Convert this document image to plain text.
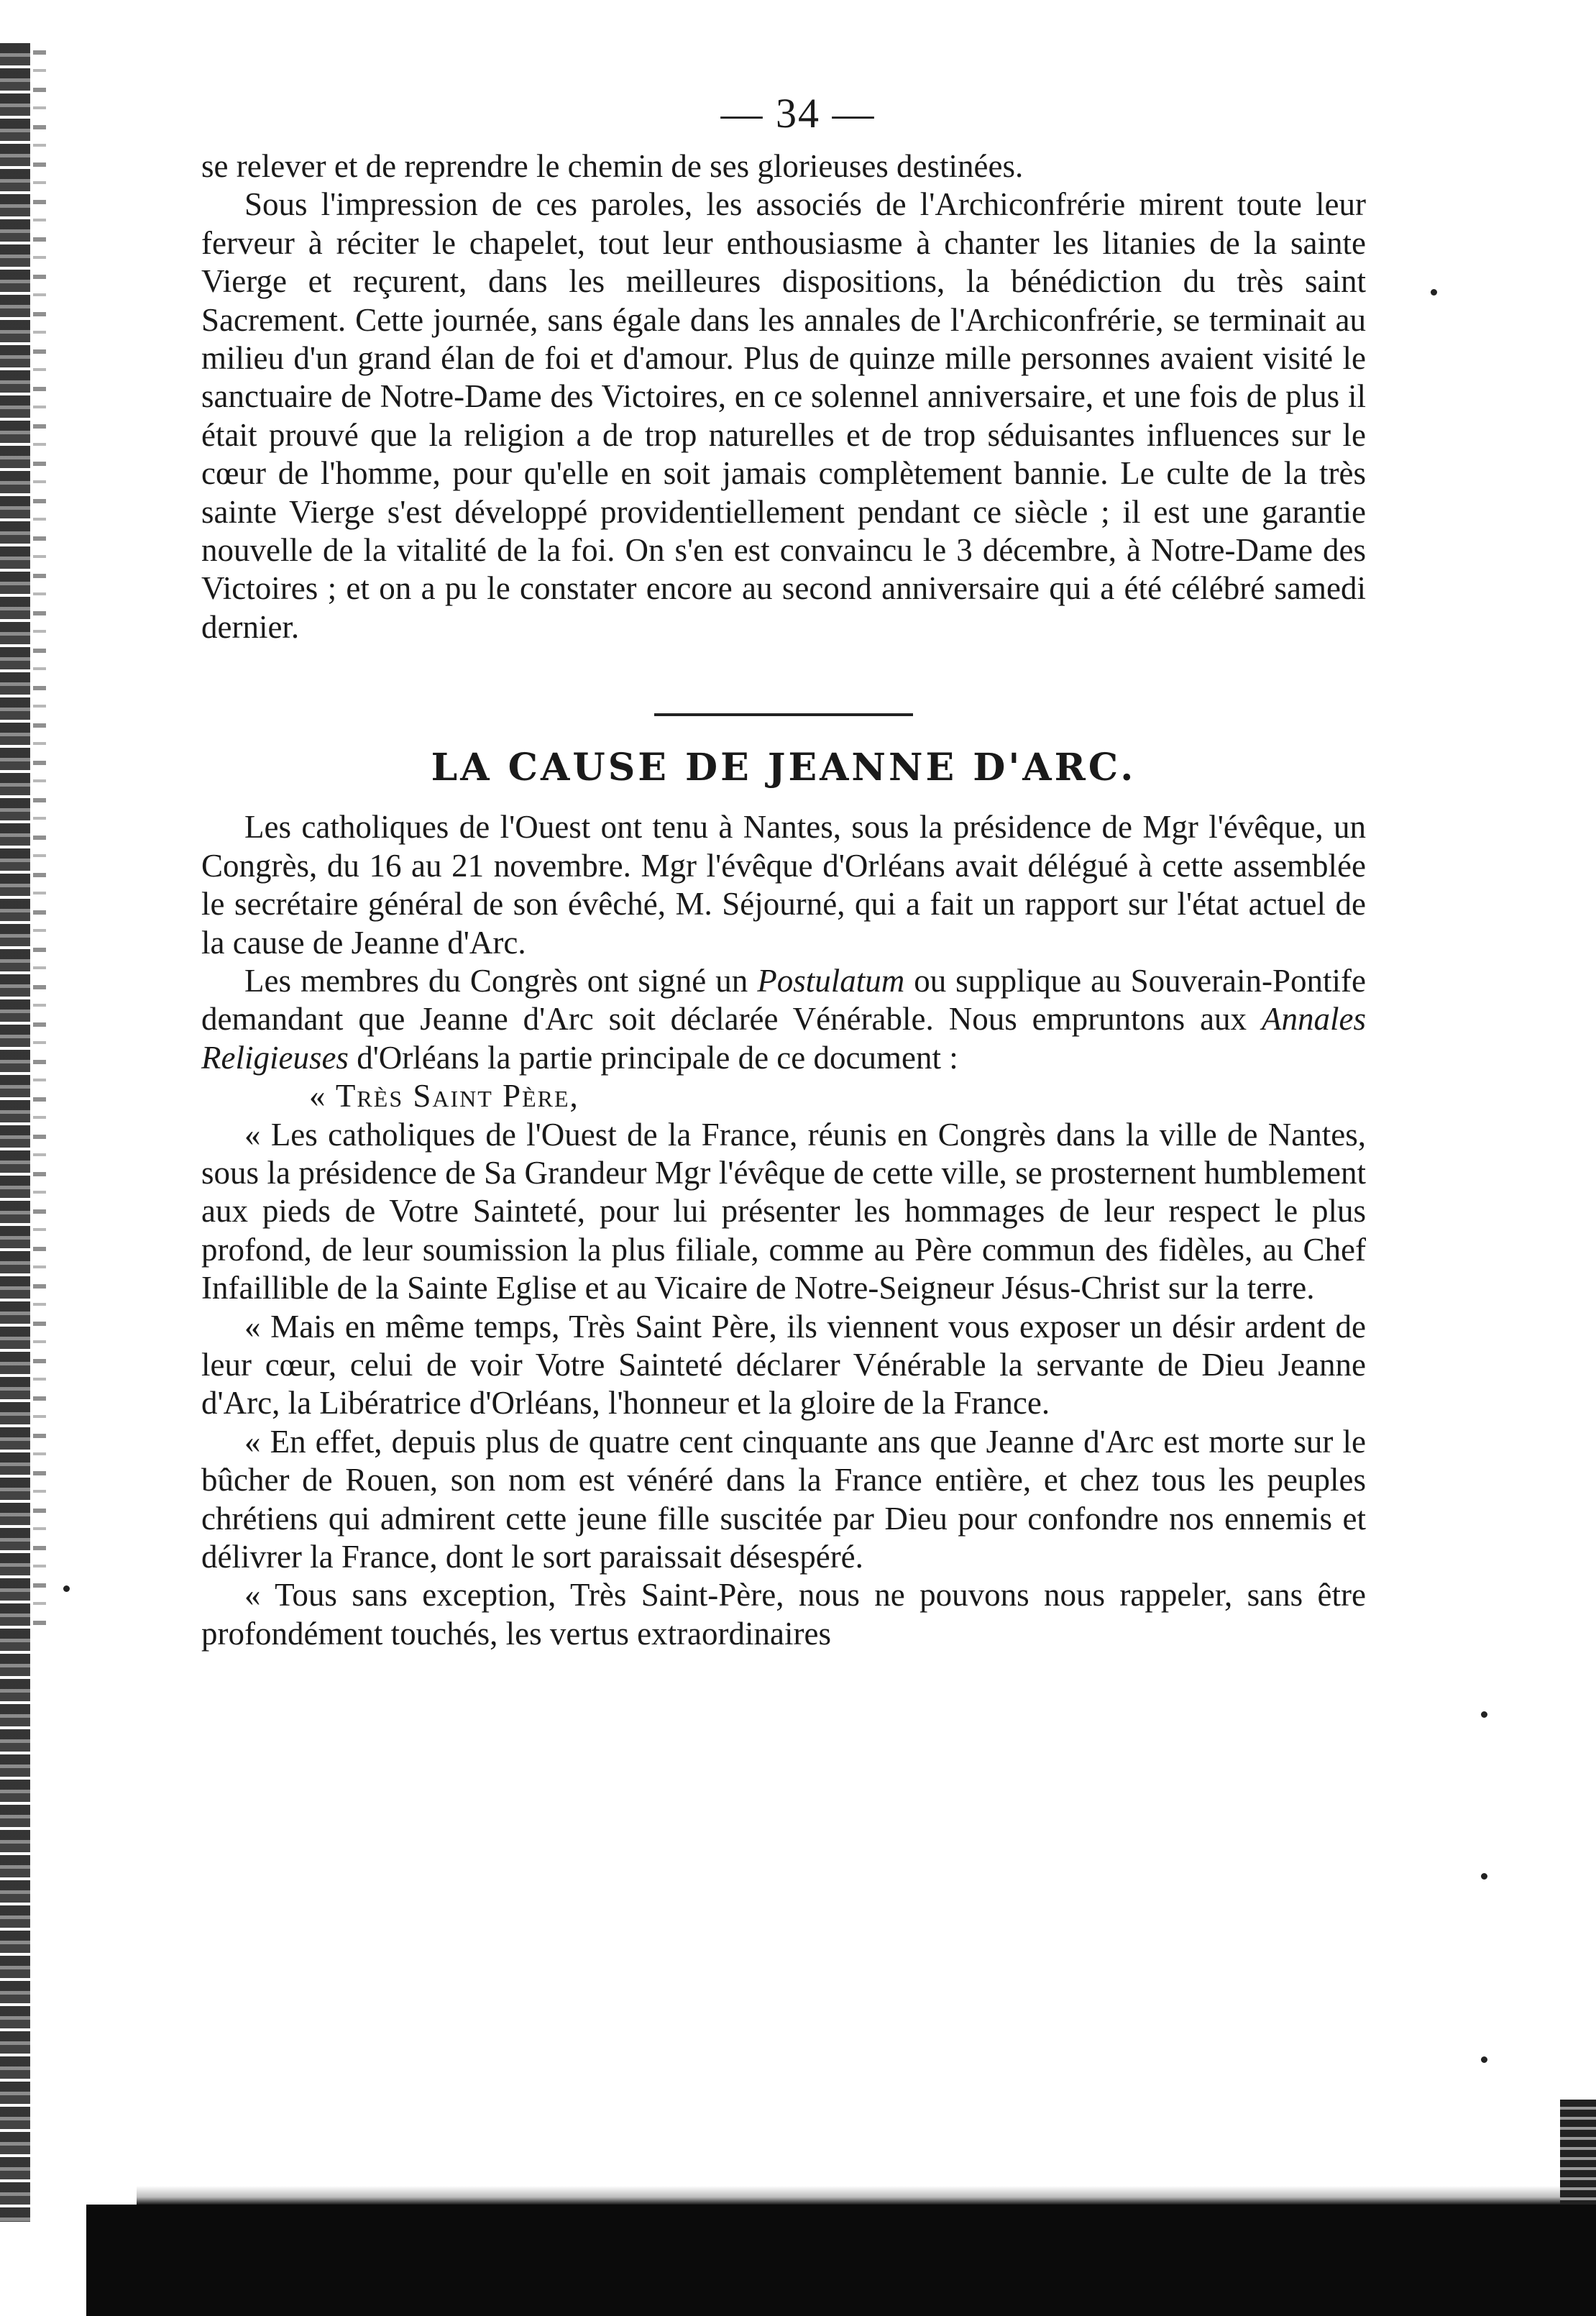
— 34 —

se relever et de reprendre le chemin de ses glorieuses destinées.

Sous l'impression de ces paroles, les associés de l'Archiconfrérie mirent toute leur ferveur à réciter le chapelet, tout leur enthousiasme à chanter les litanies de la sainte Vierge et reçurent, dans les meilleures dispositions, la bénédiction du très saint Sacrement. Cette journée, sans égale dans les annales de l'Archiconfrérie, se terminait au milieu d'un grand élan de foi et d'amour. Plus de quinze mille personnes avaient visité le sanctuaire de Notre-Dame des Victoires, en ce solennel anniversaire, et une fois de plus il était prouvé que la religion a de trop naturelles et de trop séduisantes influences sur le cœur de l'homme, pour qu'elle en soit jamais complètement bannie. Le culte de la très sainte Vierge s'est développé providentiellement pendant ce siècle ; il est une garantie nouvelle de la vitalité de la foi. On s'en est convaincu le 3 décembre, à Notre-Dame des Victoires ; et on a pu le constater encore au second anniversaire qui a été célébré samedi dernier.

LA CAUSE DE JEANNE D'ARC.

Les catholiques de l'Ouest ont tenu à Nantes, sous la présidence de Mgr l'évêque, un Congrès, du 16 au 21 novembre. Mgr l'évêque d'Orléans avait délégué à cette assemblée le secrétaire général de son évêché, M. Séjourné, qui a fait un rapport sur l'état actuel de la cause de Jeanne d'Arc.

Les membres du Congrès ont signé un Postulatum ou supplique au Souverain-Pontife demandant que Jeanne d'Arc soit déclarée Vénérable. Nous empruntons aux Annales Religieuses d'Orléans la partie principale de ce document :

« Très Saint Père,

« Les catholiques de l'Ouest de la France, réunis en Congrès dans la ville de Nantes, sous la présidence de Sa Grandeur Mgr l'évêque de cette ville, se prosternent humblement aux pieds de Votre Sainteté, pour lui présenter les hommages de leur respect le plus profond, de leur soumission la plus filiale, comme au Père commun des fidèles, au Chef Infaillible de la Sainte Eglise et au Vicaire de Notre-Seigneur Jésus-Christ sur la terre.

« Mais en même temps, Très Saint Père, ils viennent vous exposer un désir ardent de leur cœur, celui de voir Votre Sainteté déclarer Vénérable la servante de Dieu Jeanne d'Arc, la Libératrice d'Orléans, l'honneur et la gloire de la France.

« En effet, depuis plus de quatre cent cinquante ans que Jeanne d'Arc est morte sur le bûcher de Rouen, son nom est vénéré dans la France entière, et chez tous les peuples chrétiens qui admirent cette jeune fille suscitée par Dieu pour confondre nos ennemis et délivrer la France, dont le sort paraissait désespéré.

« Tous sans exception, Très Saint-Père, nous ne pouvons nous rappeler, sans être profondément touchés, les vertus extraordinaires
